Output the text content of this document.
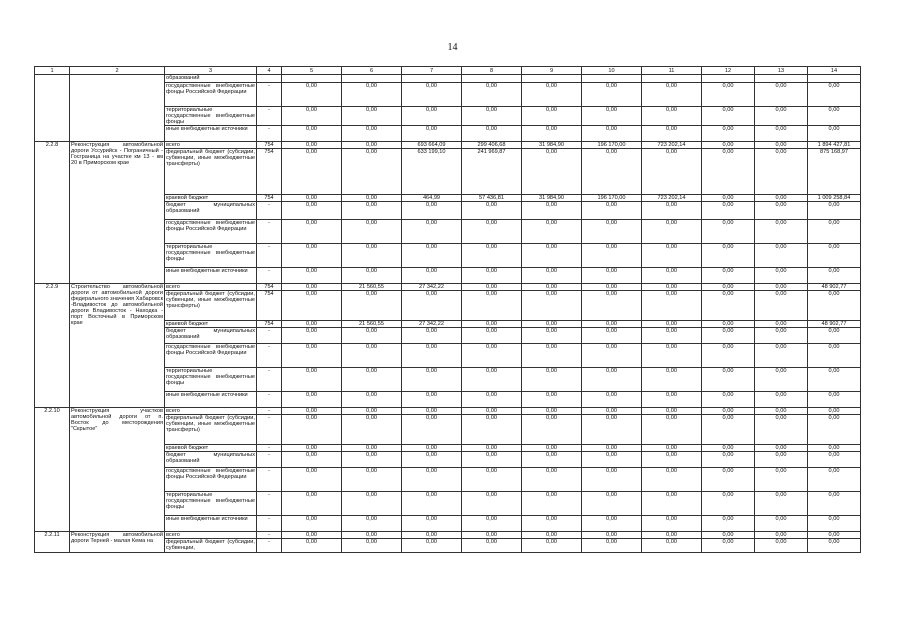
14
1	2	3	4	5	6	7	8	9	10	11	12	13	14
		образований											
		государственные внебюджетные фонды Российской Федерации	-	0,00	0,00	0,00	0,00	0,00	0,00	0,00	0,00	0,00	0,00
		территориальные государственные внебюджетные фонды	-	0,00	0,00	0,00	0,00	0,00	0,00	0,00	0,00	0,00	0,00
		иные внебюджетные источники	-	0,00	0,00	0,00	0,00	0,00	0,00	0,00	0,00	0,00	0,00
2.2.8	Реконструкция автомобильной дороги Уссурийск - Пограничный - Госграница на участке км 13 - км 20 в Приморском крае	всего	754	0,00	0,00	693 664,09	299 406,68	31 984,90	196 170,00	723 202,14	0,00	0,00	1 894 427,81
		федеральный бюджет (субсидии, субвенции, иные межбюджетные трансферты)	754	0,00	0,00	633 199,10	241 969,87	0,00	0,00	0,00	0,00	0,00	875 168,97
		краевой бюджет	754	0,00	0,00	464,99	57 436,81	31 984,90	196 170,00	723 202,14	0,00	0,00	1 009 258,84
		бюджет муниципальных образований	-	0,00	0,00	0,00	0,00	0,00	0,00	0,00	0,00	0,00	0,00
		государственные внебюджетные фонды Российской Федерации	-	0,00	0,00	0,00	0,00	0,00	0,00	0,00	0,00	0,00	0,00
		территориальные государственные внебюджетные фонды	-	0,00	0,00	0,00	0,00	0,00	0,00	0,00	0,00	0,00	0,00
		иные внебюджетные источники	-	0,00	0,00	0,00	0,00	0,00	0,00	0,00	0,00	0,00	0,00
2.2.9	Строительство автомобильной дороги от автомобильной дороги федерального значения Хабаровск -Владивосток до автомобильной дороги Владивосток - Находка - порт Восточный в Приморском крае	всего	754	0,00	21 560,55	27 342,22	0,00	0,00	0,00	0,00	0,00	0,00	48 902,77
		федеральный бюджет (субсидии, субвенции, иные межбюджетные трансферты)	754	0,00	0,00	0,00	0,00	0,00	0,00	0,00	0,00	0,00	0,00
		краевой бюджет	754	0,00	21 560,55	27 342,22	0,00	0,00	0,00	0,00	0,00	0,00	48 902,77
		бюджет муниципальных образований	-	0,00	0,00	0,00	0,00	0,00	0,00	0,00	0,00	0,00	0,00
		государственные внебюджетные фонды Российской Федерации	-	0,00	0,00	0,00	0,00	0,00	0,00	0,00	0,00	0,00	0,00
		территориальные государственные внебюджетные фонды	-	0,00	0,00	0,00	0,00	0,00	0,00	0,00	0,00	0,00	0,00
		иные внебюджетные источники	-	0,00	0,00	0,00	0,00	0,00	0,00	0,00	0,00	0,00	0,00
2.2.10	Реконструкция участков автомобильной дороги от п. Восток до месторождения "Скрытое"	всего	-	0,00	0,00	0,00	0,00	0,00	0,00	0,00	0,00	0,00	0,00
		федеральный бюджет (субсидии, субвенции, иные межбюджетные трансферты)	-	0,00	0,00	0,00	0,00	0,00	0,00	0,00	0,00	0,00	0,00
		краевой бюджет	-	0,00	0,00	0,00	0,00	0,00	0,00	0,00	0,00	0,00	0,00
		бюджет муниципальных образований	-	0,00	0,00	0,00	0,00	0,00	0,00	0,00	0,00	0,00	0,00
		государственные внебюджетные фонды Российской Федерации	-	0,00	0,00	0,00	0,00	0,00	0,00	0,00	0,00	0,00	0,00
		территориальные государственные внебюджетные фонды	-	0,00	0,00	0,00	0,00	0,00	0,00	0,00	0,00	0,00	0,00
		иные внебюджетные источники	-	0,00	0,00	0,00	0,00	0,00	0,00	0,00	0,00	0,00	0,00
2.2.11	Реконструкция автомобильной дороги Терней - малая Кема на	всего	-	0,00	0,00	0,00	0,00	0,00	0,00	0,00	0,00	0,00	0,00
		федеральный бюджет (субсидии, субвенции,	-	0,00	0,00	0,00	0,00	0,00	0,00	0,00	0,00	0,00	0,00
